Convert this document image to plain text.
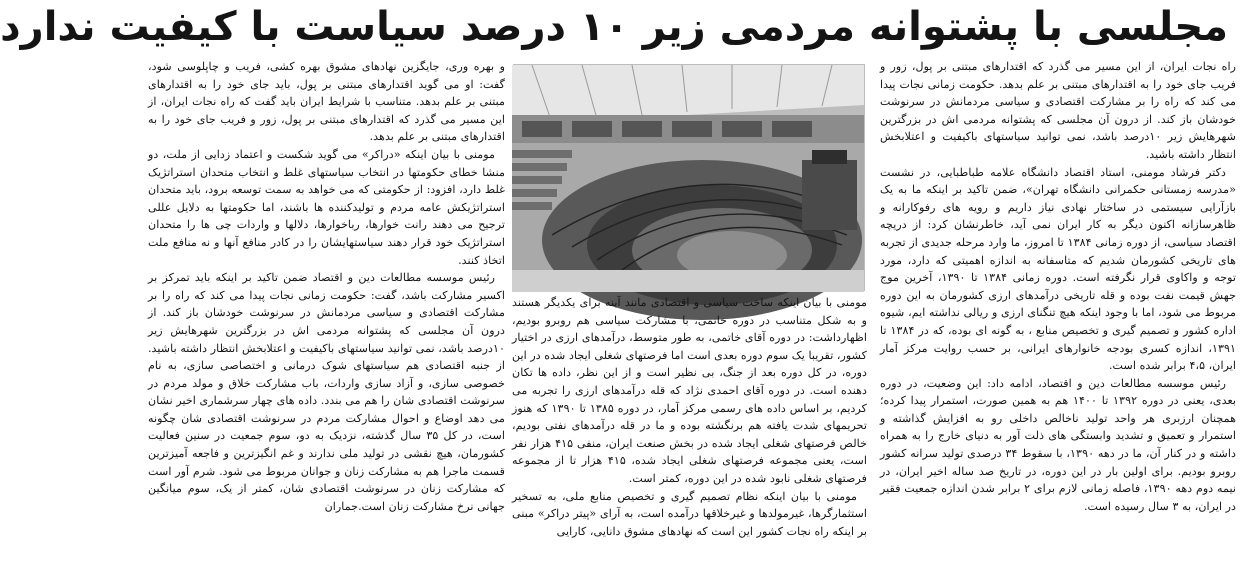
مجلسی با پشتوانه مردمی زیر ۱۰ درصد سیاست با کیفیت ندارد

راه نجات ایران، از این مسیر می گذرد که اقتدارهای مبتنی بر پول، زور و فریب جای خود را به اقتدارهای مبتنی بر علم بدهد. حکومت زمانی نجات پیدا می کند که راه را بر مشارکت اقتصادی و سیاسی مردمانش در سرنوشت خودشان باز کند. از درون آن مجلسی که پشتوانه مردمی اش در بزرگترین شهرهایش زیر ۱۰درصد باشد، نمی توانید سیاستهای باکیفیت و اعتلابخش انتظار داشته باشید.

دکتر فرشاد مومنی، استاد اقتصاد دانشگاه علامه طباطبایی، در نشست «مدرسه زمستانی حکمرانی دانشگاه تهران»، ضمن تاکید بر اینکه ما به یک بازآرایی سیستمی در ساختار نهادی نیاز داریم و رویه های رفوکارانه و ظاهرسازانه اکنون دیگر به کار ایران نمی آید، خاطرنشان کرد: از دریچه اقتصاد سیاسی، از دوره زمانی ۱۳۸۴ تا امروز، ما وارد مرحله جدیدی از تجربه های تاریخی کشورمان شدیم که متاسفانه به اندازه اهمیتی که دارد، مورد توجه و واکاوی قرار نگرفته است. دوره زمانی ۱۳۸۴ تا ۱۳۹۰، آخرین موج جهش قیمت نفت بوده و قله تاریخی درآمدهای ارزی کشورمان به این دوره مربوط می شود، اما با وجود اینکه هیچ تنگنای ارزی و ریالی نداشته ایم، شیوه اداره کشور و تصمیم گیری و تخصیص منابع ، به گونه ای بوده، که در ۱۳۸۴ تا ۱۳۹۱، اندازه کسری بودجه خانوارهای ایرانی، بر حسب روایت مرکز آمار ایران، ۴،۵ برابر شده است.

رئیس موسسه مطالعات دین و اقتصاد، ادامه داد: این وضعیت، در دوره بعدی، یعنی در دوره ۱۳۹۲ تا ۱۴۰۰ هم به همین صورت، استمرار پیدا کرده؛ همچنان ارزبری هر واحد تولید ناخالص داخلی رو به افزایش گذاشته و استمرار و تعمیق و تشدید وابستگی های ذلت آور به دنیای خارج را به همراه داشته و در کنار آن، ما در دهه ۱۳۹۰، با سقوط ۳۴ درصدی تولید سرانه کشور روبرو بودیم. برای اولین بار در این دوره، در تاریخ صد ساله اخیر ایران، در نیمه دوم دهه ۱۳۹۰، فاصله زمانی لازم برای ۲ برابر شدن اندازه جمعیت فقیر در ایران، به ۳ سال رسیده است.

مومنی با بیان اینکه ساخت سیاسی و اقتصادی مانند آینه برای یکدیگر هستند و به شکل متناسب در دوره خاتمی، با مشارکت سیاسی هم روبرو بودیم، اظهارداشت: در دوره آقای خاتمی، به طور متوسط، درآمدهای ارزی در اختیار کشور، تقریبا یک سوم دوره بعدی است اما فرصتهای شغلی ایجاد شده در این دوره، در کل دوره بعد از جنگ، بی نظیر است و از این نظر، داده ها تکان دهنده است. در دوره آقای احمدی نژاد که قله درآمدهای ارزی را تجربه می کردیم، بر اساس داده های رسمی مرکز آمار، در دوره ۱۳۸۵ تا ۱۳۹۰ که هنوز تحریمهای شدت یافته هم برنگشته بوده و ما در قله درآمدهای نفتی بودیم، خالص فرصتهای شغلی ایجاد شده در بخش صنعت ایران، منفی ۴۱۵ هزار نفر است، یعنی مجموعه فرصتهای شغلی ایجاد شده، ۴۱۵ هزار تا از مجموعه فرصتهای شغلی نابود شده در این دوره، کمتر است.

مومنی با بیان اینکه نظام تصمیم گیری و تخصیص منابع ملی، به تسخیر استثمارگرها، غیرمولدها و غیرخلاقها درآمده است، به آرای «پیتر دراکر» مبنی بر اینکه راه نجات کشور این است که نهادهای مشوق دانایی، کارایی

و بهره وری، جایگزین نهادهای مشوق بهره کشی، فریب و چاپلوسی شود، گفت: او می گوید اقتدارهای مبتنی بر پول، باید جای خود را به اقتدارهای مبتنی بر علم بدهد. متناسب با شرایط ایران باید گفت که راه نجات ایران، از این مسیر می گذرد که اقتدارهای مبتنی بر پول، زور و فریب جای خود را به اقتدارهای مبتنی بر علم بدهد.

مومنی با بیان اینکه «دراکر» می گوید شکست و اعتماد زدایی از ملت، دو منشا خطای حکومتها در انتخاب سیاستهای غلط و انتخاب متحدان استراتژیک غلط دارد، افزود: از حکومتی که می خواهد به سمت توسعه برود، باید متحدان استراتژیکش عامه مردم و تولیدکننده ها باشند، اما حکومتها به دلایل عللی ترجیح می دهند رانت خوارها، رباخوارها، دلالها و واردات چی ها را متحدان استراتژیک خود قرار دهند سیاستهایشان را در کادر منافع آنها و نه منافع ملت اتخاذ کنند.

رئیس موسسه مطالعات دین و اقتصاد ضمن تاکید بر اینکه باید تمرکز بر اکسیر مشارکت باشد، گفت: حکومت زمانی نجات پیدا می کند که راه را بر مشارکت اقتصادی و سیاسی مردمانش در سرنوشت خودشان باز کند. از درون آن مجلسی که پشتوانه مردمی اش در بزرگترین شهرهایش زیر ۱۰درصد باشد، نمی توانید سیاستهای باکیفیت و اعتلابخش انتظار داشته باشید. از جنبه اقتصادی هم سیاستهای شوک درمانی و اختصاصی سازی، به نام خصوصی سازی، و آزاد سازی واردات، باب مشارکت خلاق و مولد مردم در سرنوشت اقتصادی شان را هم می بندد. داده های چهار سرشماری اخیر نشان می دهد اوضاع و احوال مشارکت مردم در سرنوشت اقتصادی شان چگونه است، در کل ۳۵ سال گذشته، نزدیک به دو، سوم جمعیت در سنین فعالیت کشورمان، هیچ نقشی در تولید ملی ندارند و غم انگیزترین و فاجعه آمیزترین قسمت ماجرا هم به مشارکت زنان و جوانان مربوط می شود. شرم آور است که مشارکت زنان در سرنوشت اقتصادی شان، کمتر از یک، سوم میانگین جهانی نرخ مشارکت زنان است.جماران
